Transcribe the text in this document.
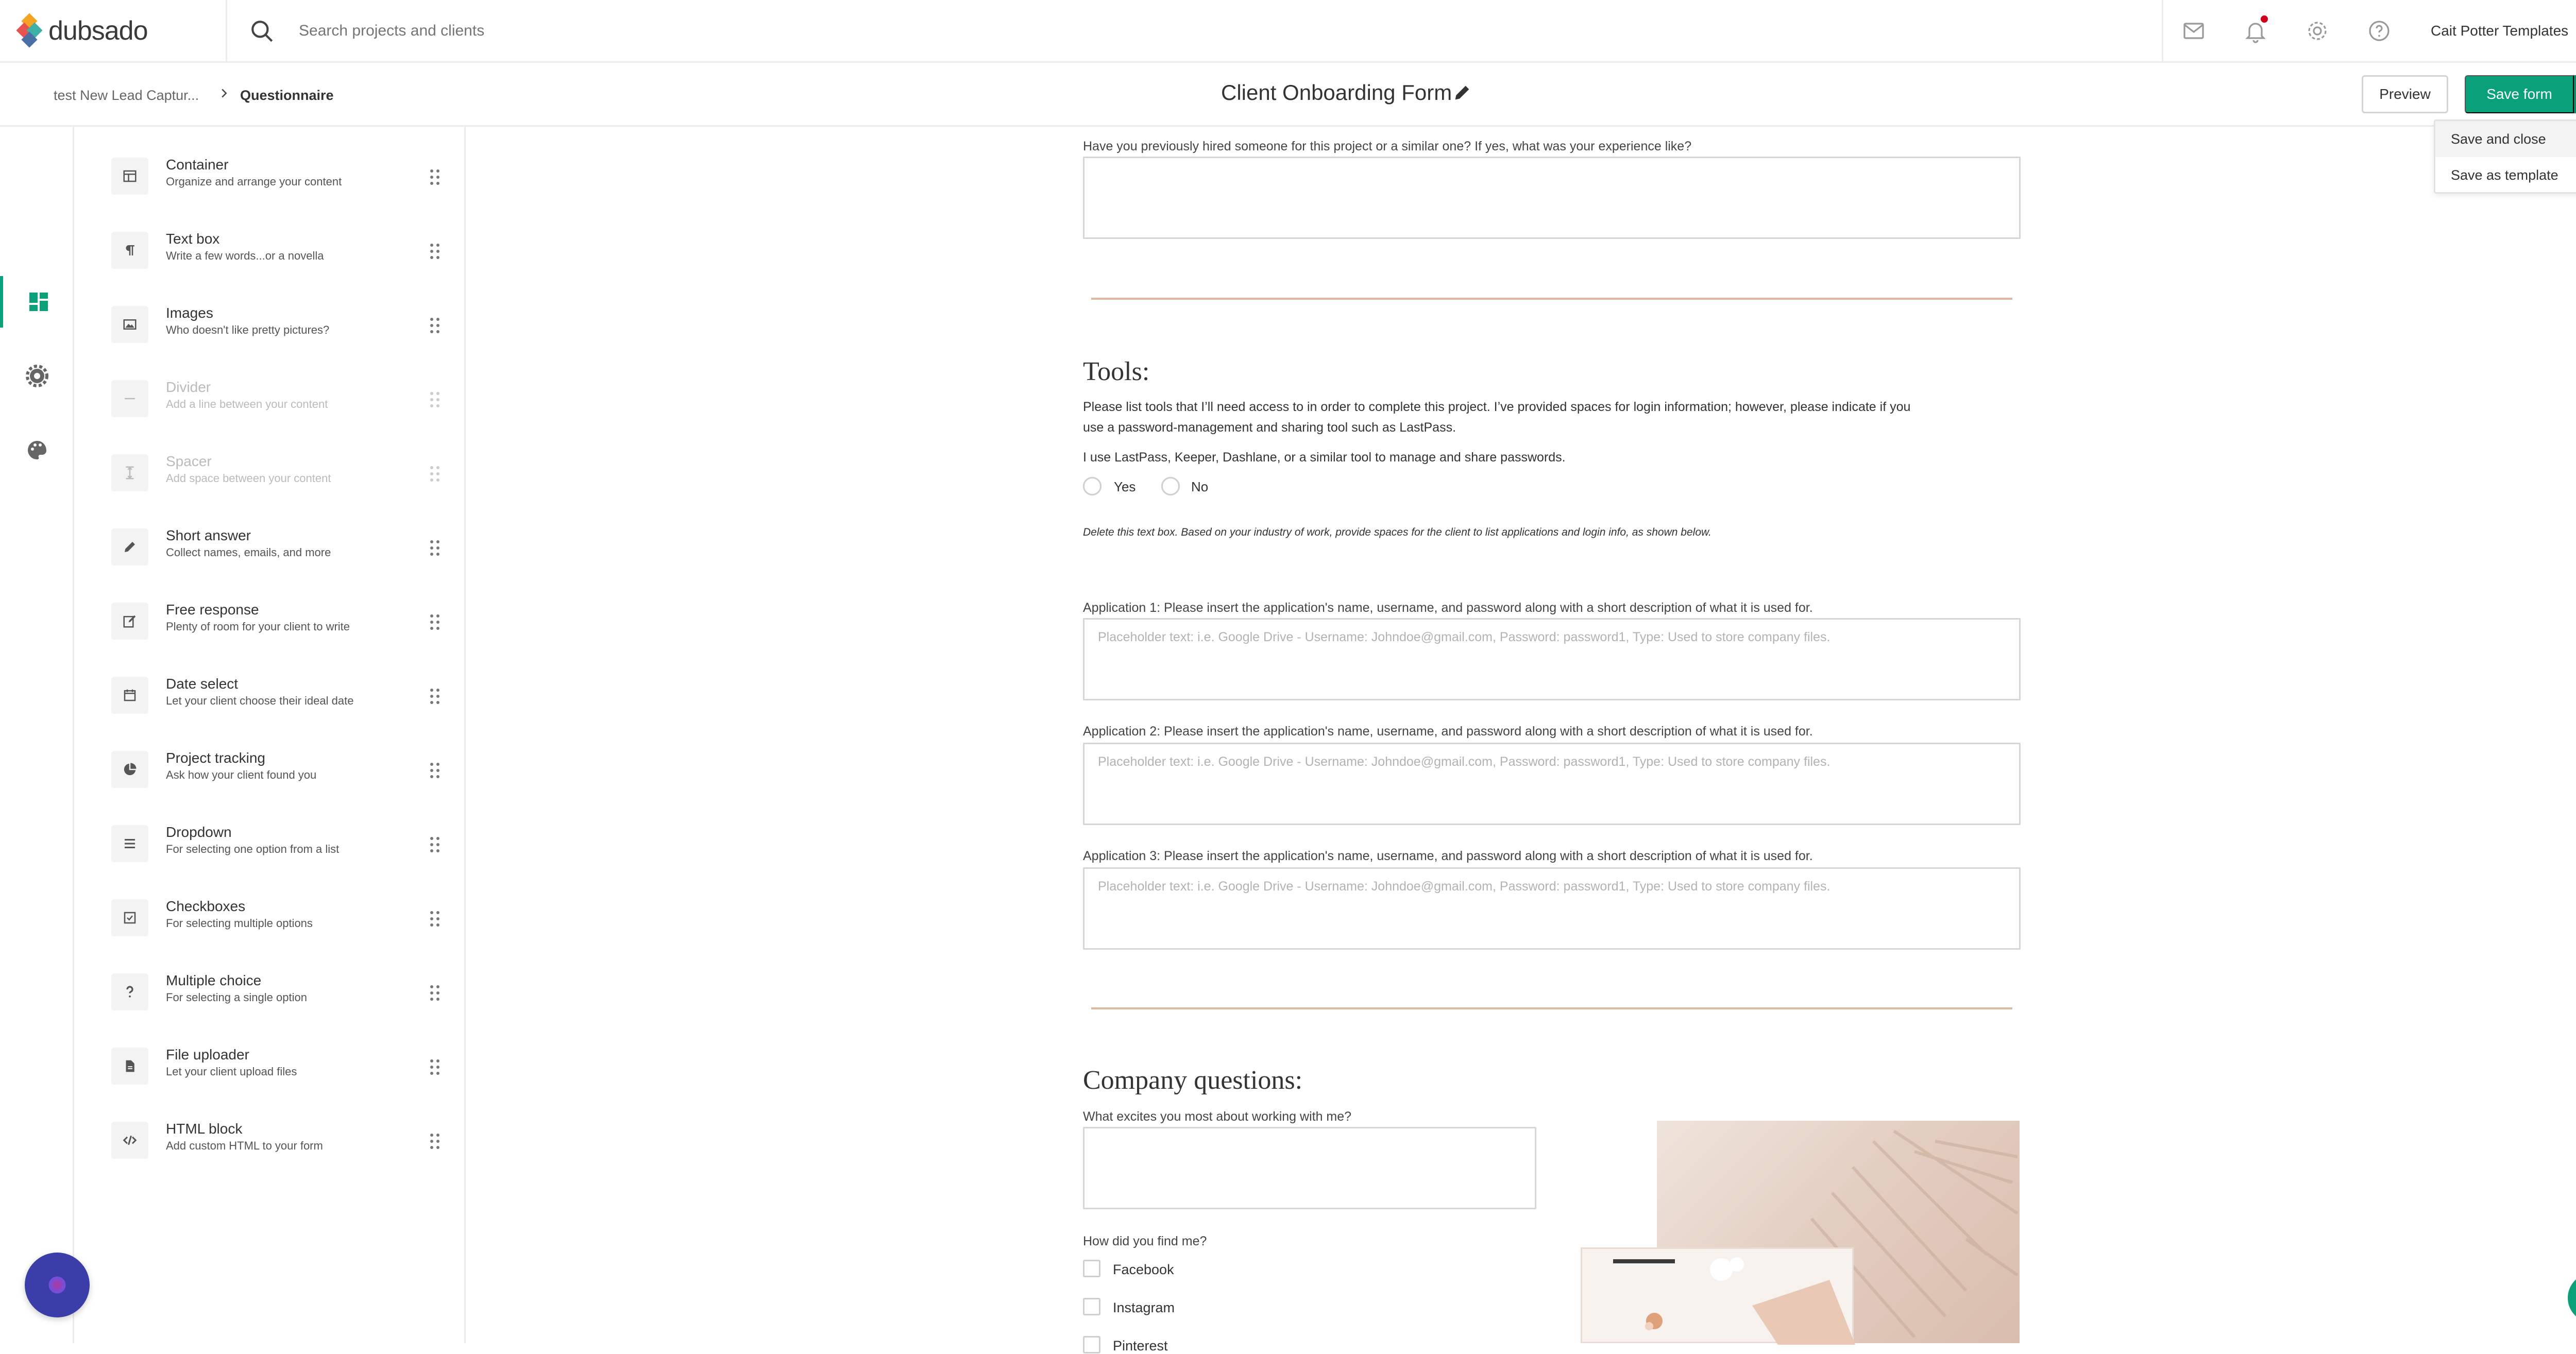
dubsado
Search projects and clients	Cait Potter Templates
test New Lead Captur...	Questionnaire	Client Onboarding Form	Preview	Save form
Save and close
Save as template
Container
Organize and arrange your content
Text box
Write a few words...or a novella
Images
Who doesn't like pretty pictures?
Divider
Add a line between your content
Spacer
Add space between your content
Short answer
Collect names, emails, and more
Free response
Plenty of room for your client to write
Date select
Let your client choose their ideal date
Project tracking
Ask how your client found you
Dropdown
For selecting one option from a list
Checkboxes
For selecting multiple options
Multiple choice
For selecting a single option
File uploader
Let your client upload files
HTML block
Add custom HTML to your form
Have you previously hired someone for this project or a similar one? If yes, what was your experience like?
Tools:
Please list tools that I’ll need access to in order to complete this project. I’ve provided spaces for login information; however, please indicate if you
use a password-management and sharing tool such as LastPass.
I use LastPass, Keeper, Dashlane, or a similar tool to manage and share passwords.
Yes	No
Delete this text box. Based on your industry of work, provide spaces for the client to list applications and login info, as shown below.
Application 1: Please insert the application's name, username, and password along with a short description of what it is used for.
Placeholder text: i.e. Google Drive - Username: Johndoe@gmail.com, Password: password1, Type: Used to store company files.
Application 2: Please insert the application's name, username, and password along with a short description of what it is used for.
Placeholder text: i.e. Google Drive - Username: Johndoe@gmail.com, Password: password1, Type: Used to store company files.
Application 3: Please insert the application's name, username, and password along with a short description of what it is used for.
Placeholder text: i.e. Google Drive - Username: Johndoe@gmail.com, Password: password1, Type: Used to store company files.
Company questions:
What excites you most about working with me?
How did you find me?
Facebook
Instagram
Pinterest
